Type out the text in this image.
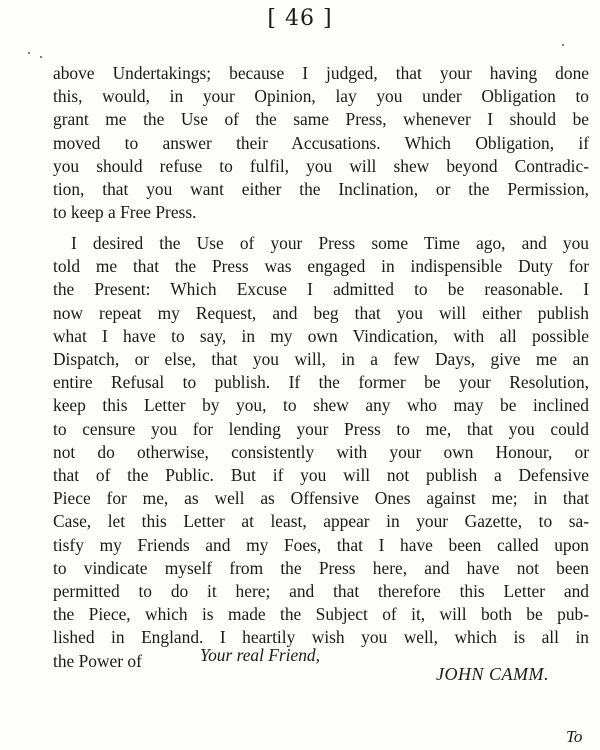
[ 46 ]

above Undertakings; because I judged, that your having done
this, would, in your Opinion, lay you under Obligation to
grant me the Use of the same Press, whenever I should be
moved to answer their Accusations. Which Obligation, if
you should refuse to fulfil, you will shew beyond Contradic-
tion, that you want either the Inclination, or the Permission,
to keep a Free Press.

I desired the Use of your Press some Time ago, and you
told me that the Press was engaged in indispensible Duty for
the Present: Which Excuse I admitted to be reasonable. I
now repeat my Request, and beg that you will either publish
what I have to say, in my own Vindication, with all possible
Dispatch, or else, that you will, in a few Days, give me an
entire Refusal to publish. If the former be your Resolution,
keep this Letter by you, to shew any who may be inclined
to censure you for lending your Press to me, that you could
not do otherwise, consistently with your own Honour, or
that of the Public. But if you will not publish a Defensive
Piece for me, as well as Offensive Ones against me; in that
Case, let this Letter at least, appear in your Gazette, to sa-
tisfy my Friends and my Foes, that I have been called upon
to vindicate myself from the Press here, and have not been
permitted to do it here; and that therefore this Letter and
the Piece, which is made the Subject of it, will both be pub-
lished in England. I heartily wish you well, which is all in
the Power of	Your real Friend,
JOHN CAMM.
To
